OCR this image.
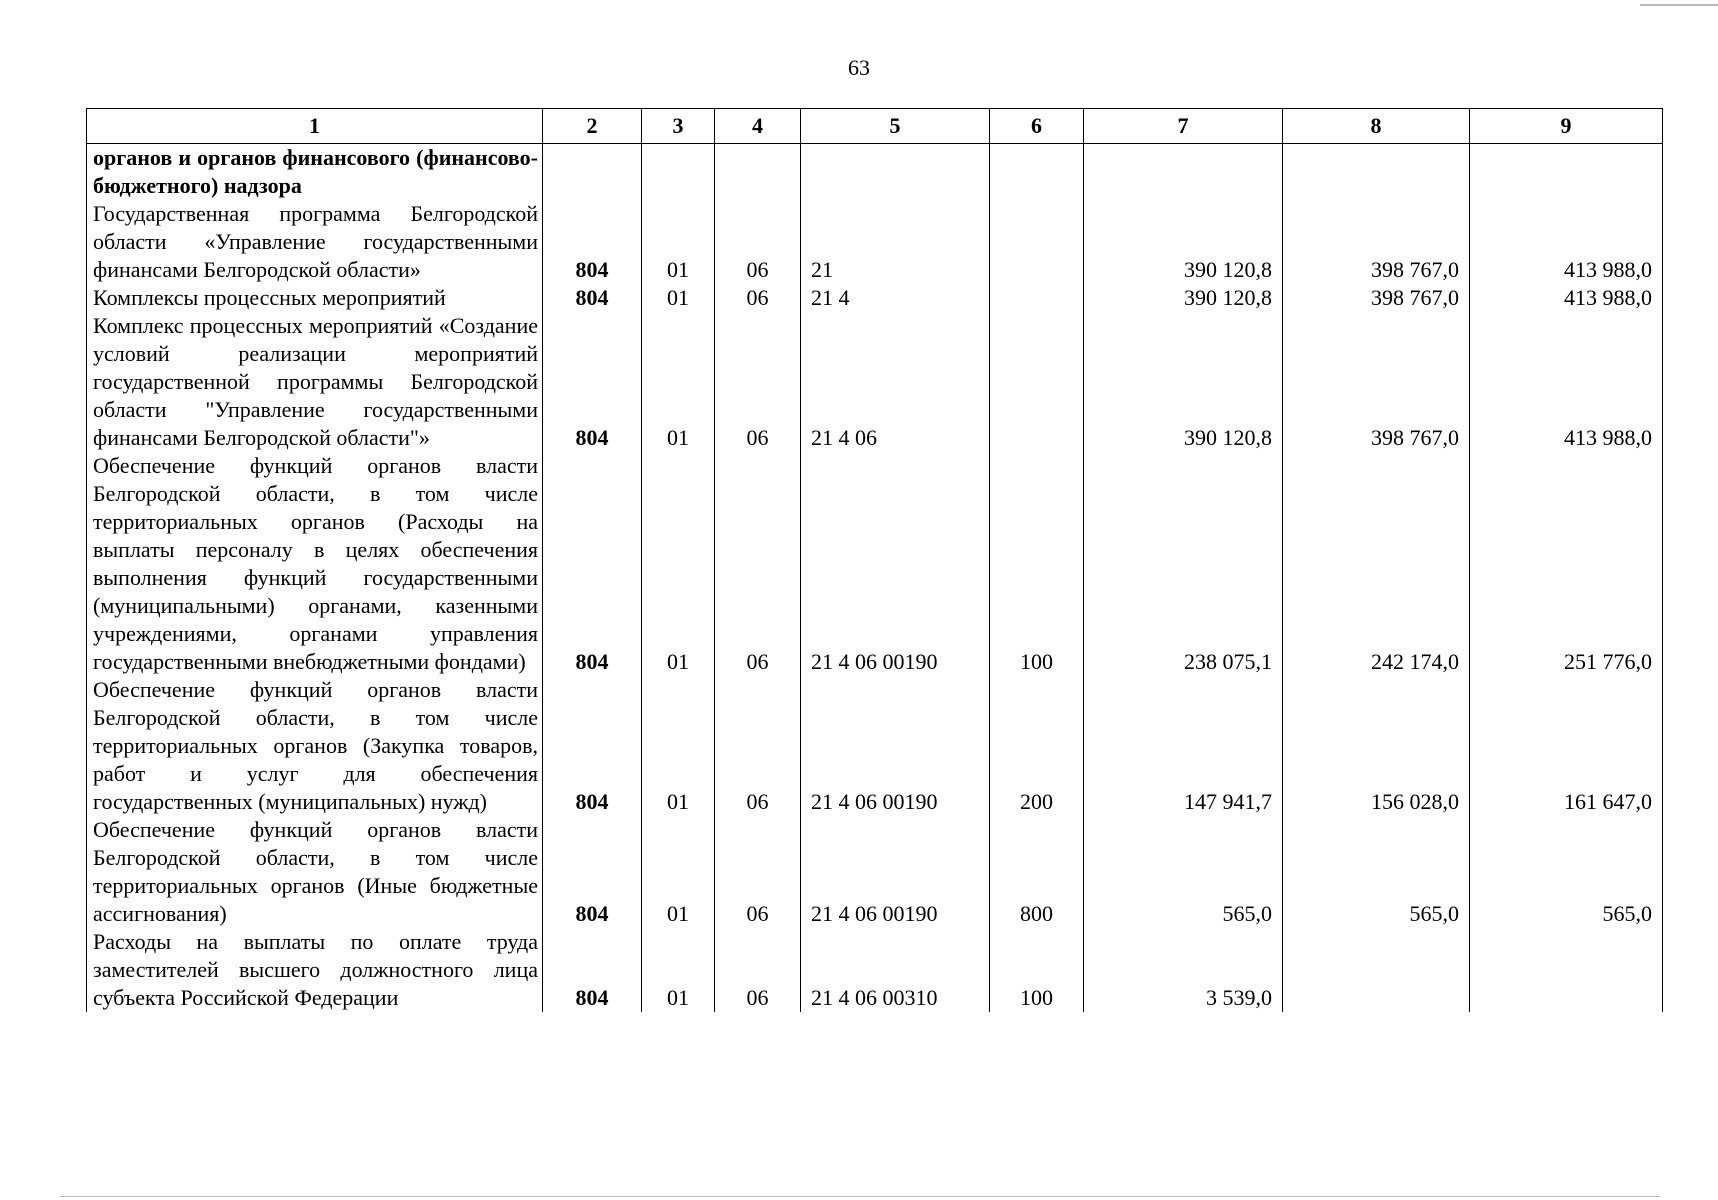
63
1	2	3	4	5	6	7	8	9
органов и органов финансового (финансово-бюджетного) надзора								
Государственная программа Белгородской области «Управление государственными финансами Белгородской области»	804	01	06	21		390 120,8	398 767,0	413 988,0
Комплексы процессных мероприятий	804	01	06	21 4		390 120,8	398 767,0	413 988,0
Комплекс процессных мероприятий «Создание условий реализации мероприятий государственной программы Белгородской области "Управление государственными финансами Белгородской области"»	804	01	06	21 4 06		390 120,8	398 767,0	413 988,0
Обеспечение функций органов власти Белгородской области, в том числе территориальных органов (Расходы на выплаты персоналу в целях обеспечения выполнения функций государственными (муниципальными) органами, казенными учреждениями, органами управления государственными внебюджетными фондами)	804	01	06	21 4 06 00190	100	238 075,1	242 174,0	251 776,0
Обеспечение функций органов власти Белгородской области, в том числе территориальных органов (Закупка товаров, работ и услуг для обеспечения государственных (муниципальных) нужд)	804	01	06	21 4 06 00190	200	147 941,7	156 028,0	161 647,0
Обеспечение функций органов власти Белгородской области, в том числе территориальных органов (Иные бюджетные ассигнования)	804	01	06	21 4 06 00190	800	565,0	565,0	565,0
Расходы на выплаты по оплате труда заместителей высшего должностного лица субъекта Российской Федерации	804	01	06	21 4 06 00310	100	3 539,0		
